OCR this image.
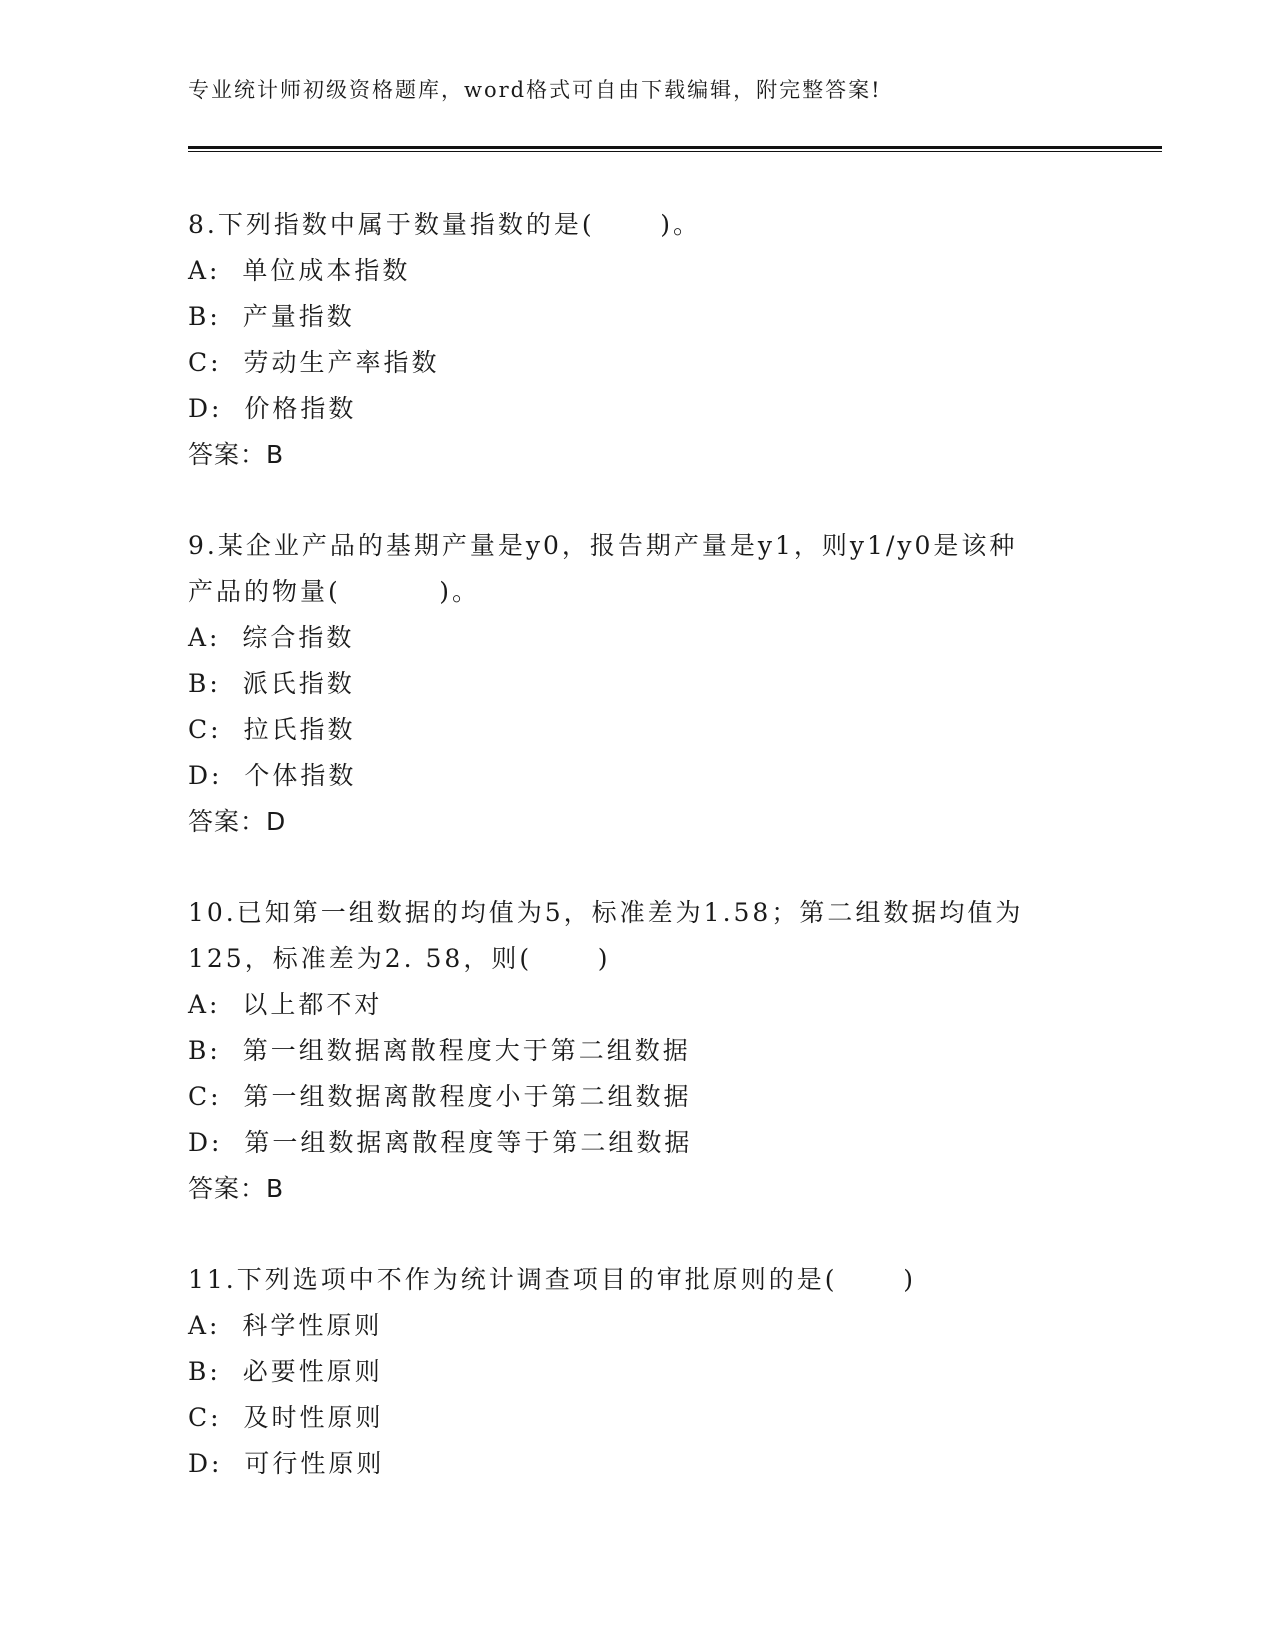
专业统计师初级资格题库，word格式可自由下载编辑，附完整答案!
8.下列指数中属于数量指数的是(      )。
A:  单位成本指数
B:  产量指数
C:  劳动生产率指数
D:  价格指数
答案：B
9.某企业产品的基期产量是y0，报告期产量是y1，则y1/y0是该种
产品的物量(         )。
A:  综合指数
B:  派氏指数
C:  拉氏指数
D:  个体指数
答案：D
10.已知第一组数据的均值为5，标准差为1.58；第二组数据均值为
125，标准差为2. 58，则(      )
A:  以上都不对
B:  第一组数据离散程度大于第二组数据
C:  第一组数据离散程度小于第二组数据
D:  第一组数据离散程度等于第二组数据
答案：B
11.下列选项中不作为统计调查项目的审批原则的是(      )
A:  科学性原则
B:  必要性原则
C:  及时性原则
D:  可行性原则
